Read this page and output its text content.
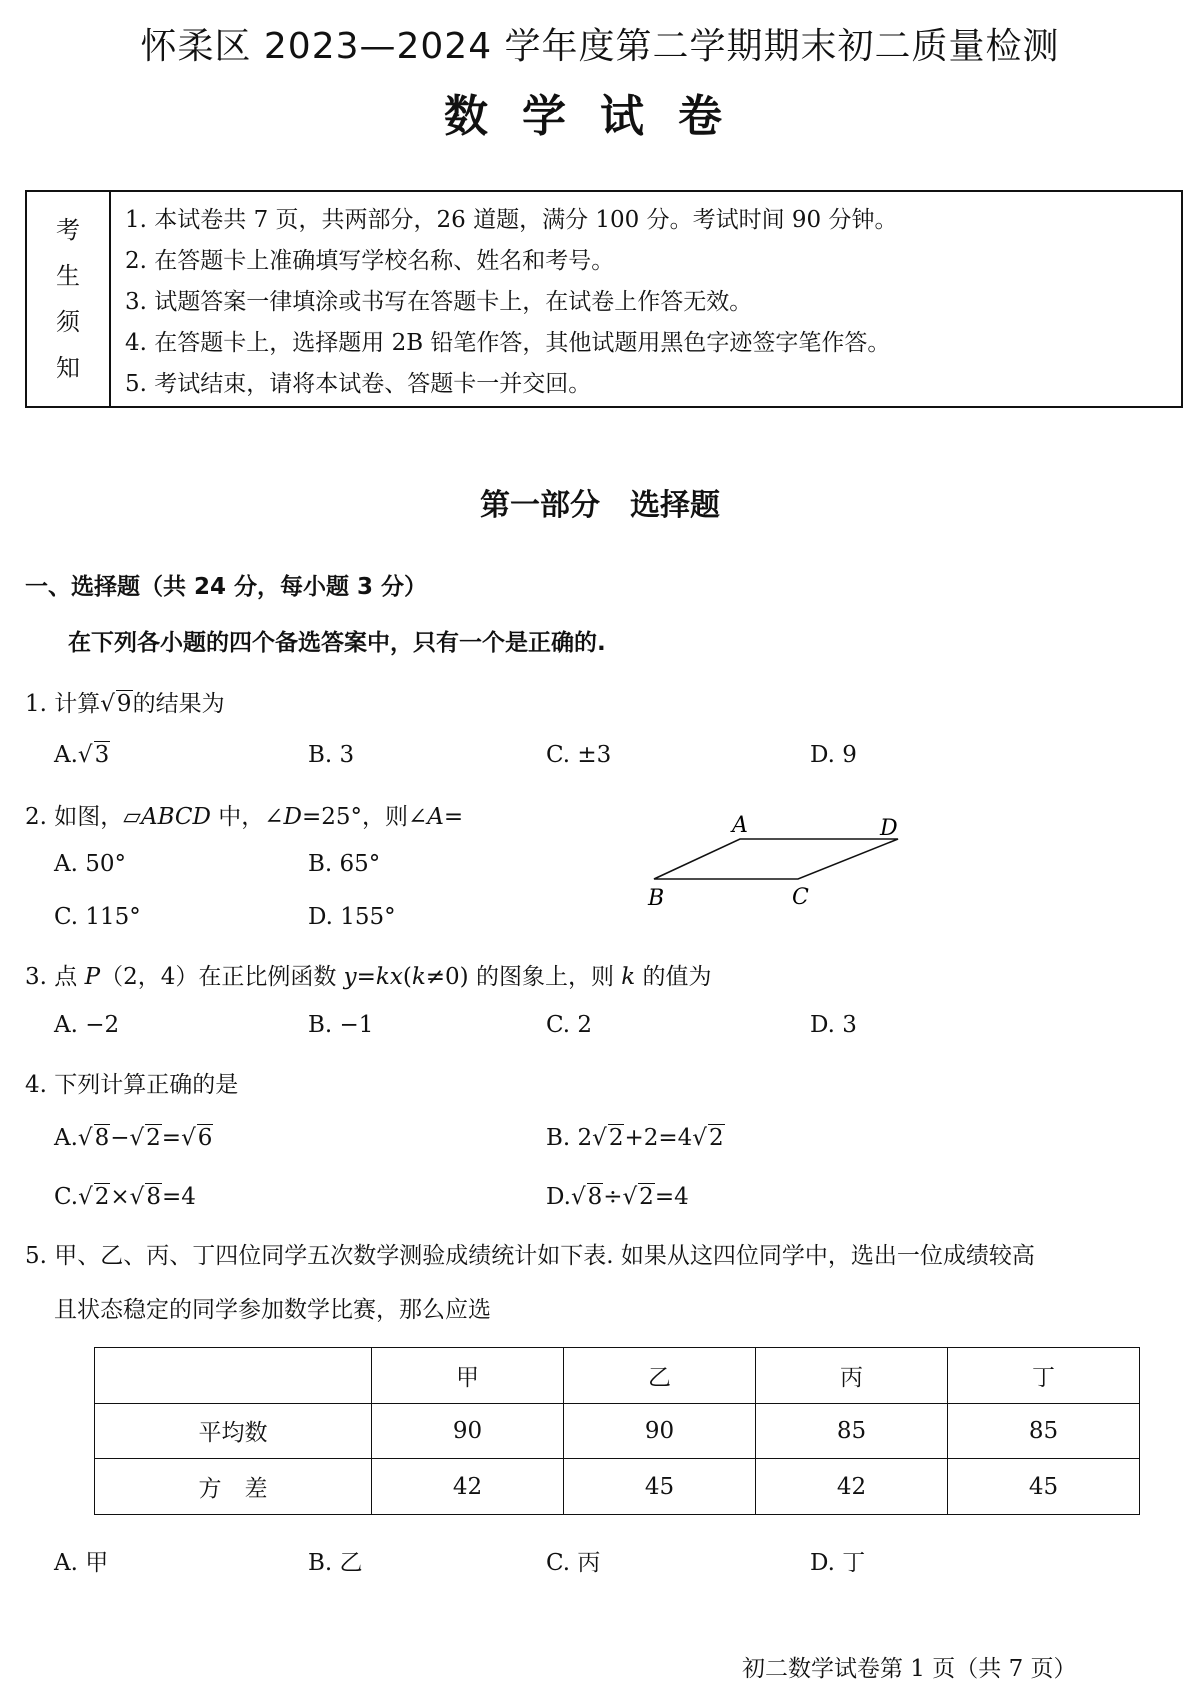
怀柔区 2023—2024 学年度第二学期期末初二质量检测
数学试卷
考
生
须
知
1. 本试卷共 7 页，共两部分，26 道题，满分 100 分。考试时间 90 分钟。
2. 在答题卡上准确填写学校名称、姓名和考号。
3. 试题答案一律填涂或书写在答题卡上，在试卷上作答无效。
4. 在答题卡上，选择题用 2B 铅笔作答，其他试题用黑色字迹签字笔作答。
5. 考试结束，请将本试卷、答题卡一并交回。
第一部分　选择题
一、选择题（共 24 分，每小题 3 分）
在下列各小题的四个备选答案中，只有一个是正确的.
1. 计算√9的结果为
A.√3	B. 3	C. ±3	D. 9
2. 如图，▱ABCD 中，∠D=25°，则∠A=
A. 50°	B. 65°
C. 115°	D. 155°
A	D
B	C
3. 点 P（2，4）在正比例函数 y=kx(k≠0) 的图象上，则 k 的值为
A. −2	B. −1	C. 2	D. 3
4. 下列计算正确的是
A.√8−√2=√6	B. 2√2+2=4√2
C.√2×√8=4	D.√8÷√2=4
5. 甲、乙、丙、丁四位同学五次数学测验成绩统计如下表. 如果从这四位同学中，选出一位成绩较高
且状态稳定的同学参加数学比赛，那么应选
	甲	乙	丙	丁
平均数	90	90	85	85
方　差	42	45	42	45
A. 甲	B. 乙	C. 丙	D. 丁
初二数学试卷第 1 页（共 7 页）
